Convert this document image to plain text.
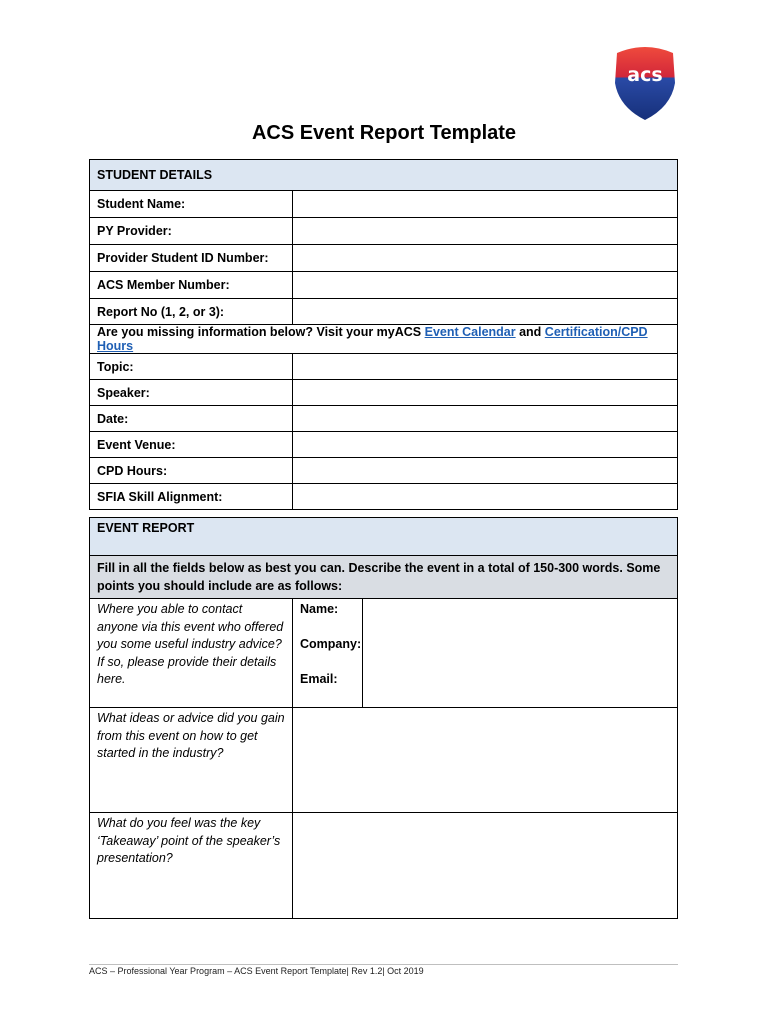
acs
ACS Event Report Template
STUDENT DETAILS	
Student Name:	
PY Provider:	
Provider Student ID Number:	
ACS Member Number:	
Report No (1, 2, or 3):	
Are you missing information below? Visit your myACS Event Calendar and Certification/CPD Hours	
Topic:	
Speaker:	
Date:	
Event Venue:	
CPD Hours:	
SFIA Skill Alignment:	
EVENT REPORT		
Fill in all the fields below as best you can. Describe the event in a total of 150-300 words. Some points you should include are as follows:		
Where you able to contact anyone via this event who offered you some useful industry advice? If so, please provide their details here.	Name:
Company:
Email:	

What ideas or advice did you gain from this event on how to get started in the industry?		
What do you feel was the key ‘Takeaway’ point of the speaker’s presentation?		
ACS – Professional Year Program – ACS Event Report Template| Rev 1.2| Oct 2019
